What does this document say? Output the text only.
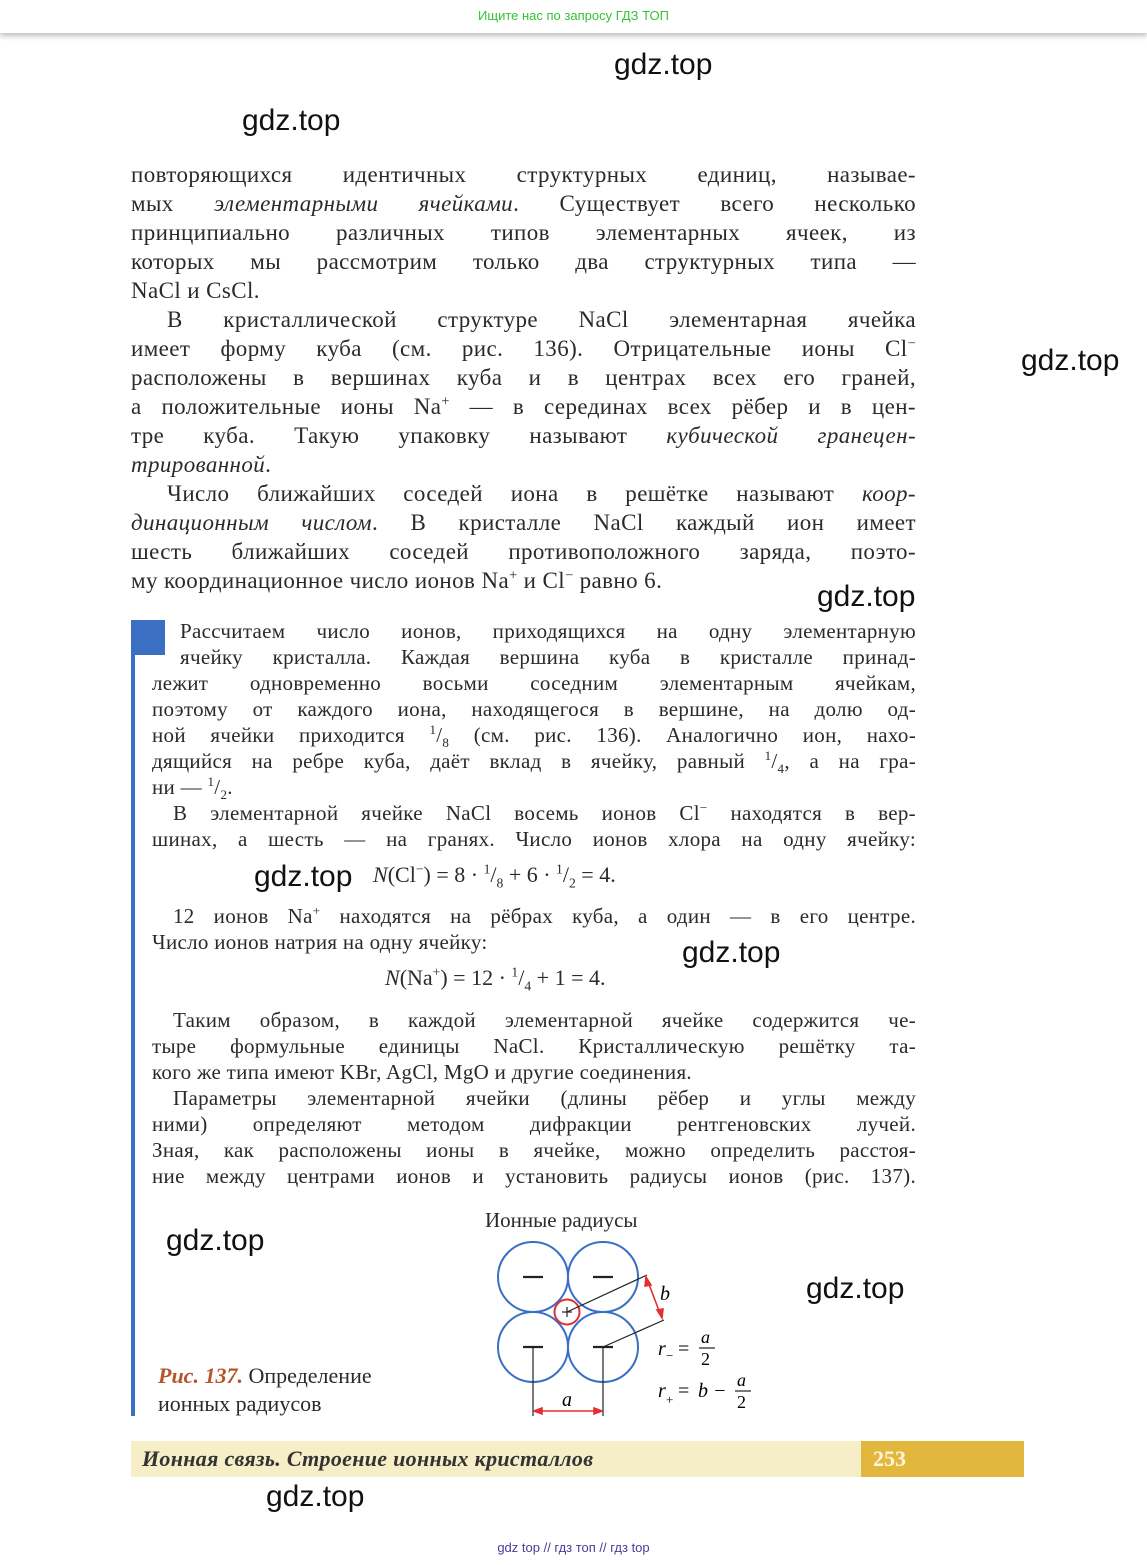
Ищите нас по запросу ГДЗ ТОП
повторяющихся идентичных структурных единиц, называе-
мых элементарными ячейками. Существует всего несколько
принципиально различных типов элементарных ячеек, из
которых мы рассмотрим только два структурных типа —
NaCl и CsCl.
В кристаллической структуре NaCl элементарная ячейка
имеет форму куба (см. рис. 136). Отрицательные ионы Cl−
расположены в вершинах куба и в центрах всех его граней,
а положительные ионы Na+ — в серединах всех рёбер и в цен-
тре куба. Такую упаковку называют кубической гранецен-
трированной.
Число ближайших соседей иона в решётке называют коор-
динационным числом. В кристалле NaCl каждый ион имеет
шесть ближайших соседей противоположного заряда, поэто-
му координационное число ионов Na+ и Cl− равно 6.
Рассчитаем число ионов, приходящихся на одну элементарную
ячейку кристалла. Каждая вершина куба в кристалле принад-
лежит одновременно восьми соседним элементарным ячейкам,
поэтому от каждого иона, находящегося в вершине, на долю од-
ной ячейки приходится $^1/_8$ (см. рис. 136). Аналогично ион, нахо-
дящийся на ребре куба, даёт вклад в ячейку, равный $^1/_4$, а на гра-
ни — $^1/_2$.
В элементарной ячейке NaCl восемь ионов Cl− находятся в вер-
шинах, а шесть — на гранях. Число ионов хлора на одну ячейку:
$N(Cl^-) = 8 \cdot ^1/_8 + 6 \cdot ^1/_2 = 4$.
12 ионов Na+ находятся на рёбрах куба, а один — в его центре.
Число ионов натрия на одну ячейку:
$N(Na^+) = 12 \cdot ^1/_4 + 1 = 4$.
Таким образом, в каждой элементарной ячейке содержится че-
тыре формульные единицы NaCl. Кристаллическую решётку та-
кого же типа имеют KBr, AgCl, MgO и другие соединения.
Параметры элементарной ячейки (длины рёбер и углы между
ними) определяют методом дифракции рентгеновских лучей.
Зная, как расположены ионы в ячейке, можно определить расстоя-
ние между центрами ионов и установить радиусы ионов (рис. 137).
Ионные радиусы
b
a
r − =
a
2
r + = b − a
2
Рис. 137. Определение
ионных радиусов
Ионная связь. Строение ионных кристаллов	253
gdz.top
gdz.top
gdz.top
gdz.top
gdz.top
gdz.top
gdz.top
gdz.top
gdz.top
gdz top // гдз топ // гдз top
